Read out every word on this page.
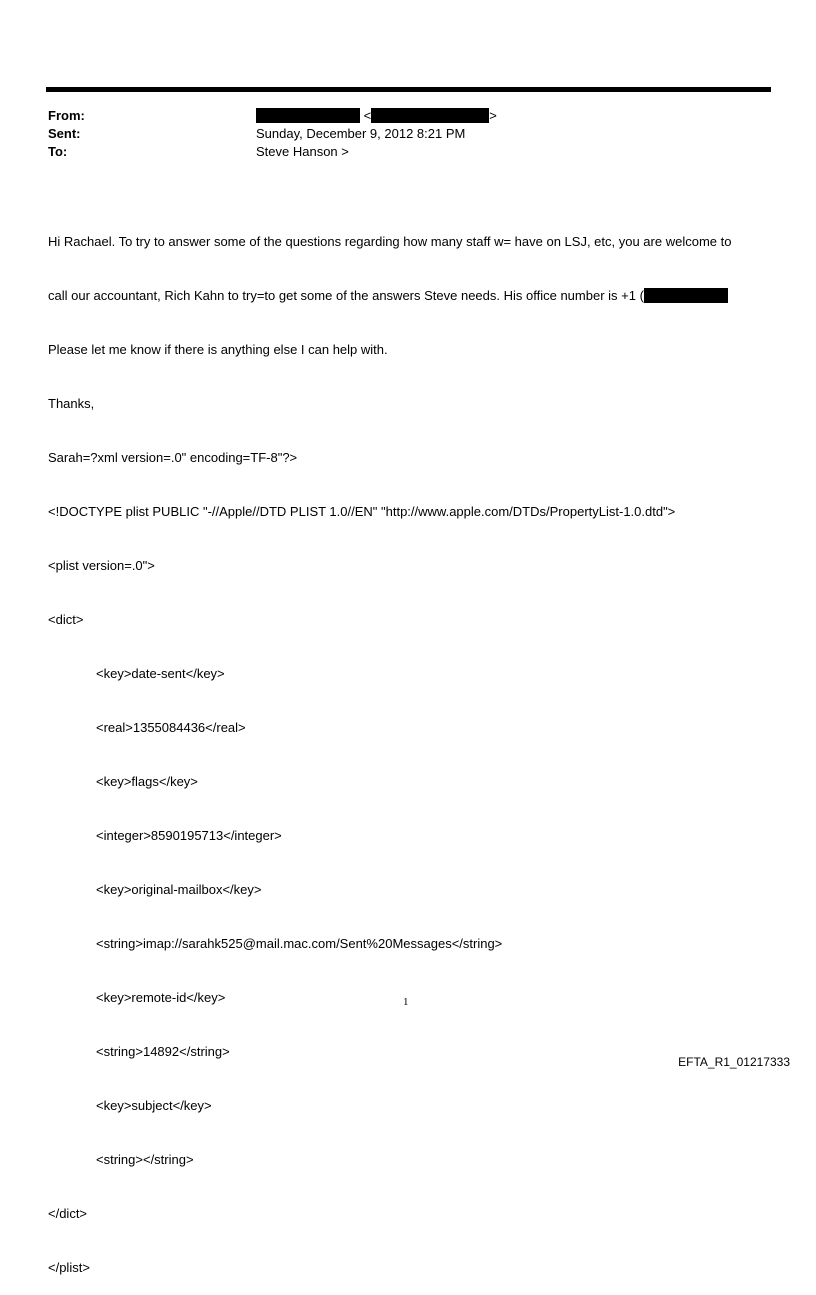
From:
Sent:
To:
<	>
Sunday, December 9, 2012 8:21 PM
Steve Hanson >

Hi Rachael. To try to answer some of the questions regarding how many staff w= have on LSJ, etc, you are welcome to

call our accountant, Rich Kahn to try=to get some of the answers Steve needs. His office number is +1 (

Please let me know if there is anything else I can help with.

Thanks,

Sarah=?xml version=.0" encoding=TF-8"?>

<!DOCTYPE plist PUBLIC "-//Apple//DTD PLIST 1.0//EN" "http://www.apple.com/DTDs/PropertyList-1.0.dtd">

<plist version=.0">

<dict>

<key>date-sent</key>

<real>1355084436</real>

<key>flags</key>

<integer>8590195713</integer>

<key>original-mailbox</key>

<string>imap://sarahk525@mail.mac.com/Sent%20Messages</string>

<key>remote-id</key>

<string>14892</string>

<key>subject</key>

<string></string>

</dict>

</plist>

1
EFTA_R1_01217333
